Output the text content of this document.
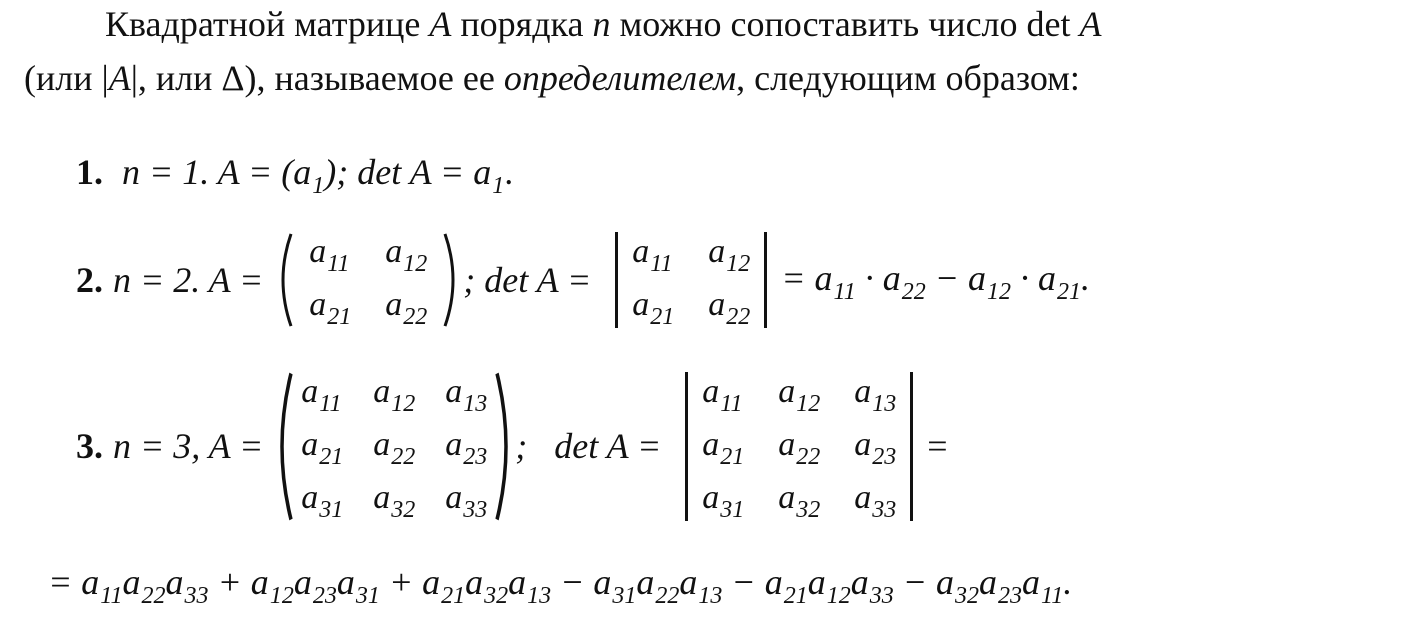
Квадратной матрице A порядка n можно сопоставить число det A
(или |A|, или Δ), называемое ее определителем, следующим образом:
1. n = 1. $A = (a_1)$; $\det A = a_1$.
2. n = 2. A =
$a_{11}$ $a_{12}$
$a_{21}$ $a_{22}$
; det A =
$a_{11}$ $a_{12}$
$a_{21}$ $a_{22}$
= $a_{11} \cdot a_{22} - a_{12} \cdot a_{21}$.
3. n = 3, A =
$a_{11}$ $a_{12}$ $a_{13}$
$a_{21}$ $a_{22}$ $a_{23}$
$a_{31}$ $a_{32}$ $a_{33}$
;   det A =
$a_{11}$ $a_{12}$ $a_{13}$
$a_{21}$ $a_{22}$ $a_{23}$
$a_{31}$ $a_{32}$ $a_{33}$
=
= $a_{11}a_{22}a_{33} + a_{12}a_{23}a_{31} + a_{21}a_{32}a_{13} - a_{31}a_{22}a_{13} - a_{21}a_{12}a_{33} - a_{32}a_{23}a_{11}$.
